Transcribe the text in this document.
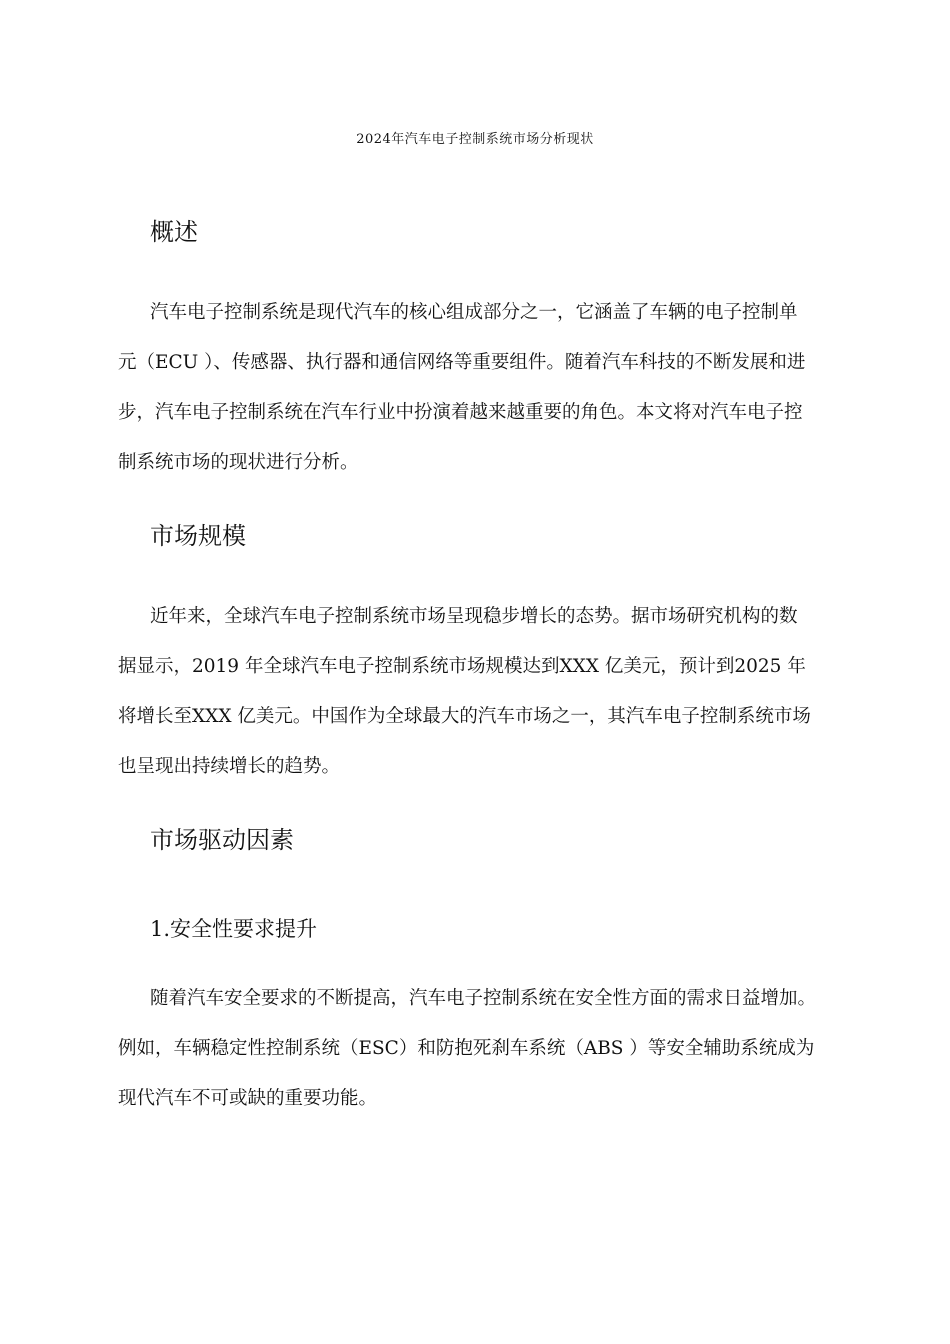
2024年汽车电子控制系统市场分析现状
概述
汽车电子控制系统是现代汽车的核心组成部分之一，它涵盖了车辆的电子控制单
元（ECU ）、传感器、执行器和通信网络等重要组件。随着汽车科技的不断发展和进
步，汽车电子控制系统在汽车行业中扮演着越来越重要的角色。本文将对汽车电子控
制系统市场的现状进行分析。
市场规模
近年来，全球汽车电子控制系统市场呈现稳步增长的态势。据市场研究机构的数
据显示，2019 年全球汽车电子控制系统市场规模达到XXX 亿美元，预计到2025 年
将增长至XXX 亿美元。中国作为全球最大的汽车市场之一，其汽车电子控制系统市场
也呈现出持续增长的趋势。
市场驱动因素
1.安全性要求提升
随着汽车安全要求的不断提高，汽车电子控制系统在安全性方面的需求日益增加。
例如，车辆稳定性控制系统（ESC）和防抱死刹车系统（ABS ）等安全辅助系统成为
现代汽车不可或缺的重要功能。
